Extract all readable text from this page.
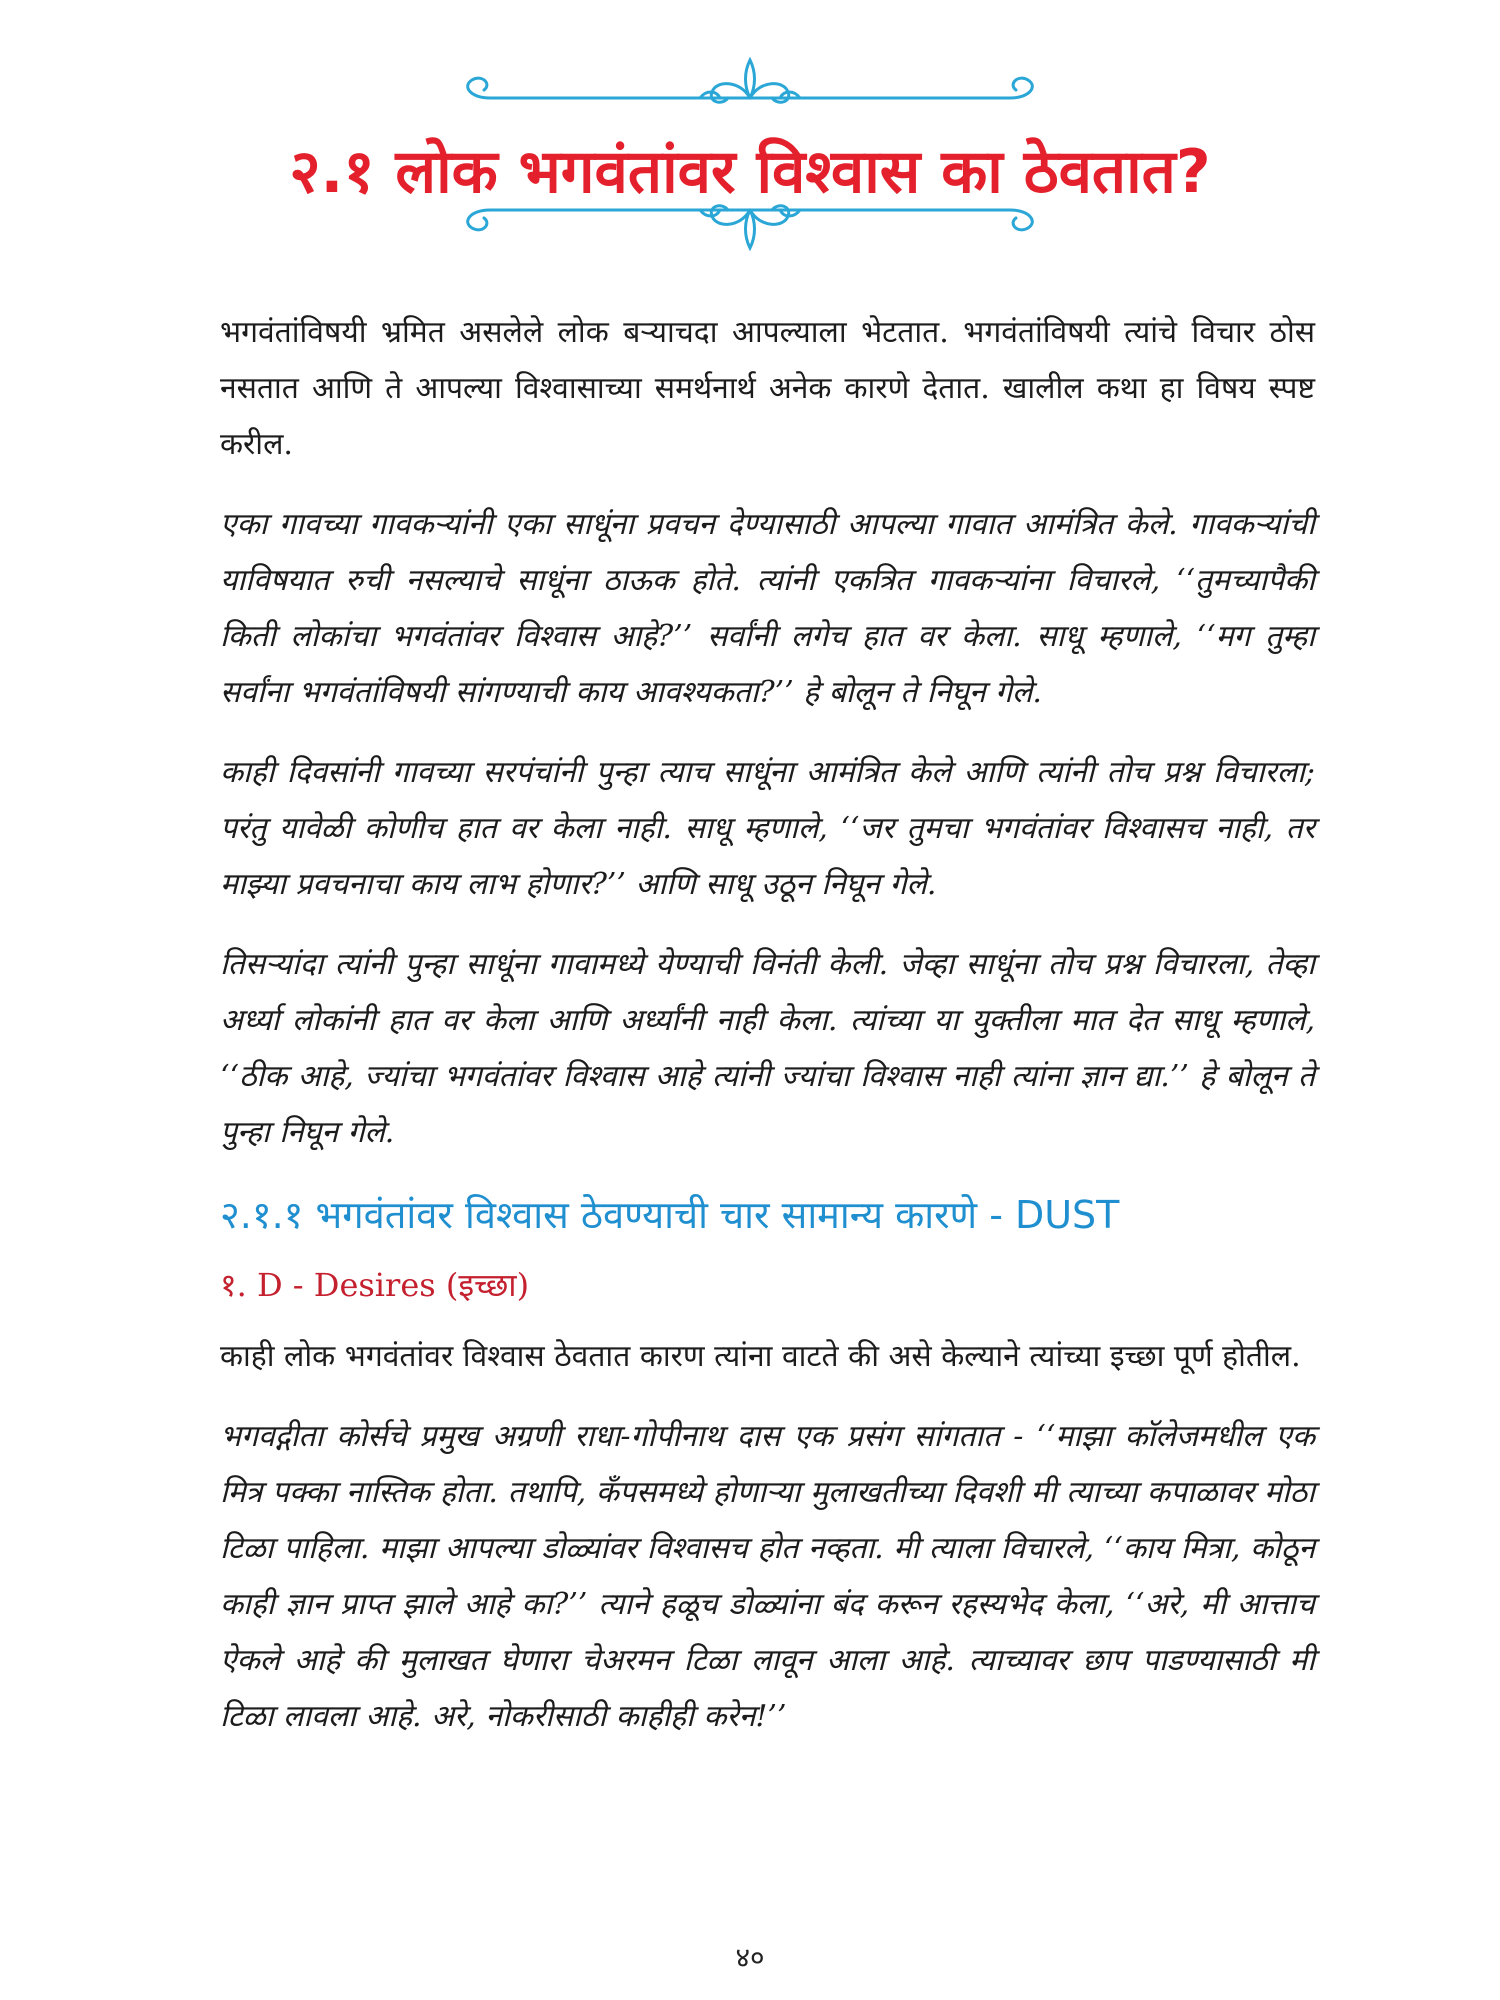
२.१ लोक भगवंतांवर विश्वास का ठेवतात?

भगवंतांविषयी भ्रमित असलेले लोक बऱ्याचदा आपल्याला भेटतात. भगवंतांविषयी त्यांचे विचार ठोस नसतात आणि ते आपल्या विश्वासाच्या समर्थनार्थ अनेक कारणे देतात. खालील कथा हा विषय स्पष्ट करील.

एका गावच्या गावकऱ्यांनी एका साधूंना प्रवचन देण्यासाठी आपल्या गावात आमंत्रित केले. गावकऱ्यांची याविषयात रुची नसल्याचे साधूंना ठाऊक होते. त्यांनी एकत्रित गावकऱ्यांना विचारले, ‘‘तुमच्यापैकी किती लोकांचा भगवंतांवर विश्वास आहे?’’ सर्वांनी लगेच हात वर केला. साधू म्हणाले, ‘‘मग तुम्हा सर्वांना भगवंतांविषयी सांगण्याची काय आवश्यकता?’’ हे बोलून ते निघून गेले.

काही दिवसांनी गावच्या सरपंचांनी पुन्हा त्याच साधूंना आमंत्रित केले आणि त्यांनी तोच प्रश्न विचारला; परंतु यावेळी कोणीच हात वर केला नाही. साधू म्हणाले, ‘‘जर तुमचा भगवंतांवर विश्वासच नाही, तर माझ्या प्रवचनाचा काय लाभ होणार?’’ आणि साधू उठून निघून गेले.

तिसऱ्यांदा त्यांनी पुन्हा साधूंना गावामध्ये येण्याची विनंती केली. जेव्हा साधूंना तोच प्रश्न विचारला, तेव्हा अर्ध्या लोकांनी हात वर केला आणि अर्ध्यांनी नाही केला. त्यांच्या या युक्तीला मात देत साधू म्हणाले, ‘‘ठीक आहे, ज्यांचा भगवंतांवर विश्वास आहे त्यांनी ज्यांचा विश्वास नाही त्यांना ज्ञान द्या.’’ हे बोलून ते पुन्हा निघून गेले.

२.१.१ भगवंतांवर विश्वास ठेवण्याची चार सामान्य कारणे - DUST
१. D - Desires (इच्छा)

काही लोक भगवंतांवर विश्वास ठेवतात कारण त्यांना वाटते की असे केल्याने त्यांच्या इच्छा पूर्ण होतील.

भगवद्गीता कोर्सचे प्रमुख अग्रणी राधा-गोपीनाथ दास एक प्रसंग सांगतात - ‘‘माझा कॉलेजमधील एक मित्र पक्का नास्तिक होता. तथापि, कँपसमध्ये होणाऱ्या मुलाखतीच्या दिवशी मी त्याच्या कपाळावर मोठा टिळा पाहिला. माझा आपल्या डोळ्यांवर विश्वासच होत नव्हता. मी त्याला विचारले, ‘‘काय मित्रा, कोठून काही ज्ञान प्राप्त झाले आहे का?’’ त्याने हळूच डोळ्यांना बंद करून रहस्यभेद केला, ‘‘अरे, मी आत्ताच ऐकले आहे की मुलाखत घेणारा चेअरमन टिळा लावून आला आहे. त्याच्यावर छाप पाडण्यासाठी मी टिळा लावला आहे. अरे, नोकरीसाठी काहीही करेन!’’

४०
